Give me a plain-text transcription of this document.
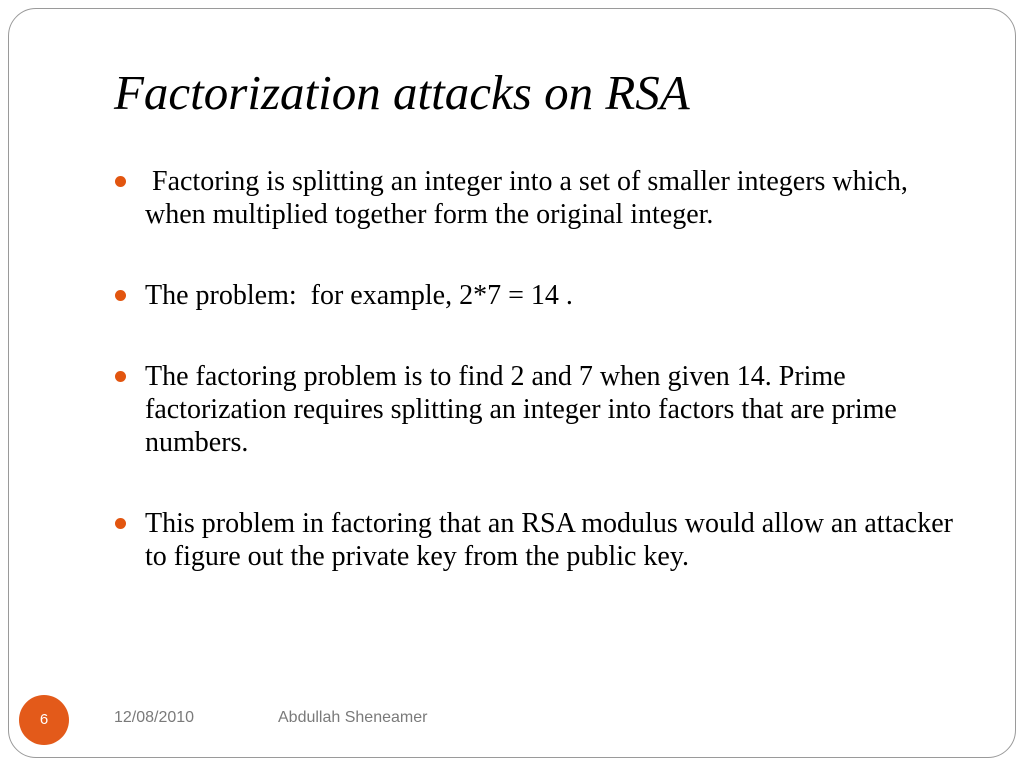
Factorization attacks on RSA
Factoring is splitting an integer into a set of smaller integers which, when multiplied together form the original integer.
The problem:  for example, 2*7 = 14 .
The factoring problem is to find 2 and 7 when given 14. Prime factorization requires splitting an integer into factors that are prime numbers.
This problem in factoring that an RSA modulus would allow an attacker to figure out the private key from the public key.
6	12/08/2010	Abdullah Sheneamer
